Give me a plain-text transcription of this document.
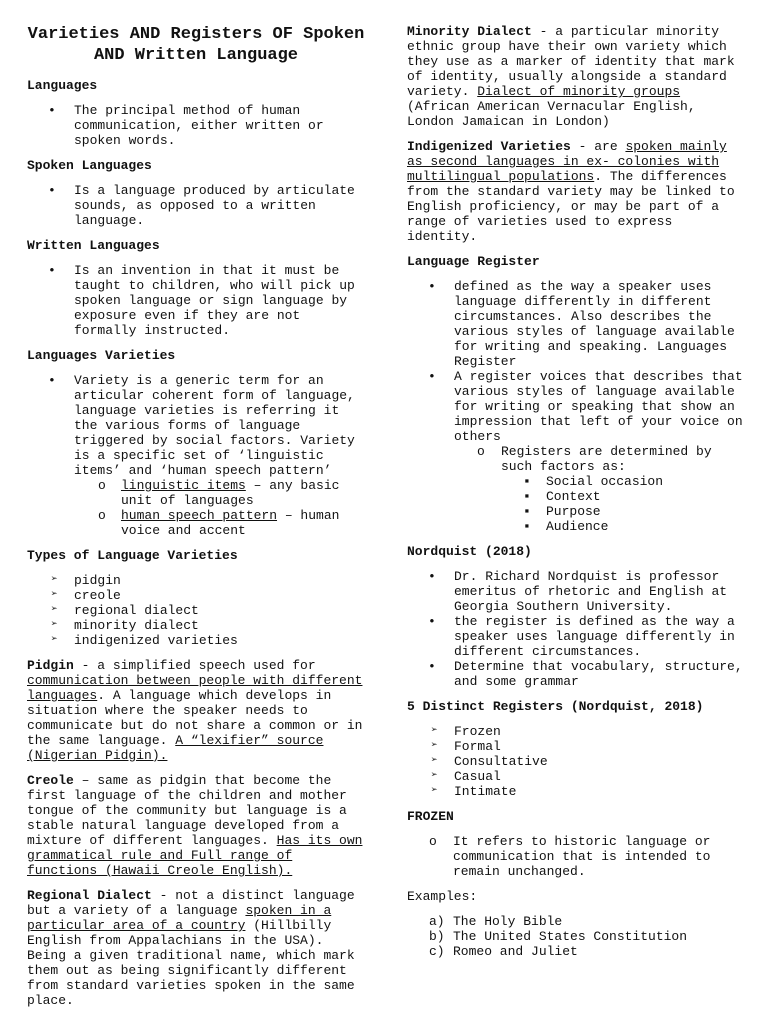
Varieties AND Registers OF Spoken AND Written Language
Languages
• The principal method of human communication, either written or spoken words.
Spoken Languages
• Is a language produced by articulate sounds, as opposed to a written language.
Written Languages
• Is an invention in that it must be taught to children, who will pick up spoken language or sign language by exposure even if they are not formally instructed.
Languages Varieties
• Variety is a generic term for an articular coherent form of language, language varieties is referring it the various forms of language triggered by social factors. Variety is a specific set of ‘linguistic items’ and ‘human speech pattern’
o linguistic items – any basic unit of languages
o human speech pattern – human voice and accent
Types of Language Varieties
➢ pidgin
➢ creole
➢ regional dialect
➢ minority dialect
➢ indigenized varieties
Pidgin - a simplified speech used for communication between people with different languages. A language which develops in situation where the speaker needs to communicate but do not share a common or in the same language. A “lexifier” source (Nigerian Pidgin).
Creole – same as pidgin that become the first language of the children and mother tongue of the community but language is a stable natural language developed from a mixture of different languages. Has its own grammatical rule and Full range of functions (Hawaii Creole English).
Regional Dialect - not a distinct language but a variety of a language spoken in a particular area of a country (Hillbilly English from Appalachians in the USA). Being a given traditional name, which mark them out as being significantly different from standard varieties spoken in the same place.
Minority Dialect - a particular minority ethnic group have their own variety which they use as a marker of identity that mark of identity, usually alongside a standard variety. Dialect of minority groups (African American Vernacular English, London Jamaican in London)
Indigenized Varieties - are spoken mainly as second languages in ex- colonies with multilingual populations. The differences from the standard variety may be linked to English proficiency, or may be part of a range of varieties used to express identity.
Language Register
• defined as the way a speaker uses language differently in different circumstances. Also describes the various styles of language available for writing and speaking. Languages Register
• A register voices that describes that various styles of language available for writing or speaking that show an impression that left of your voice on others
o Registers are determined by such factors as:
▪ Social occasion
▪ Context
▪ Purpose
▪ Audience
Nordquist (2018)
• Dr. Richard Nordquist is professor emeritus of rhetoric and English at Georgia Southern University.
• the register is defined as the way a speaker uses language differently in different circumstances.
• Determine that vocabulary, structure, and some grammar
5 Distinct Registers (Nordquist, 2018)
➢ Frozen
➢ Formal
➢ Consultative
➢ Casual
➢ Intimate
FROZEN
o It refers to historic language or communication that is intended to remain unchanged.
Examples:
a) The Holy Bible
b) The United States Constitution
c) Romeo and Juliet
